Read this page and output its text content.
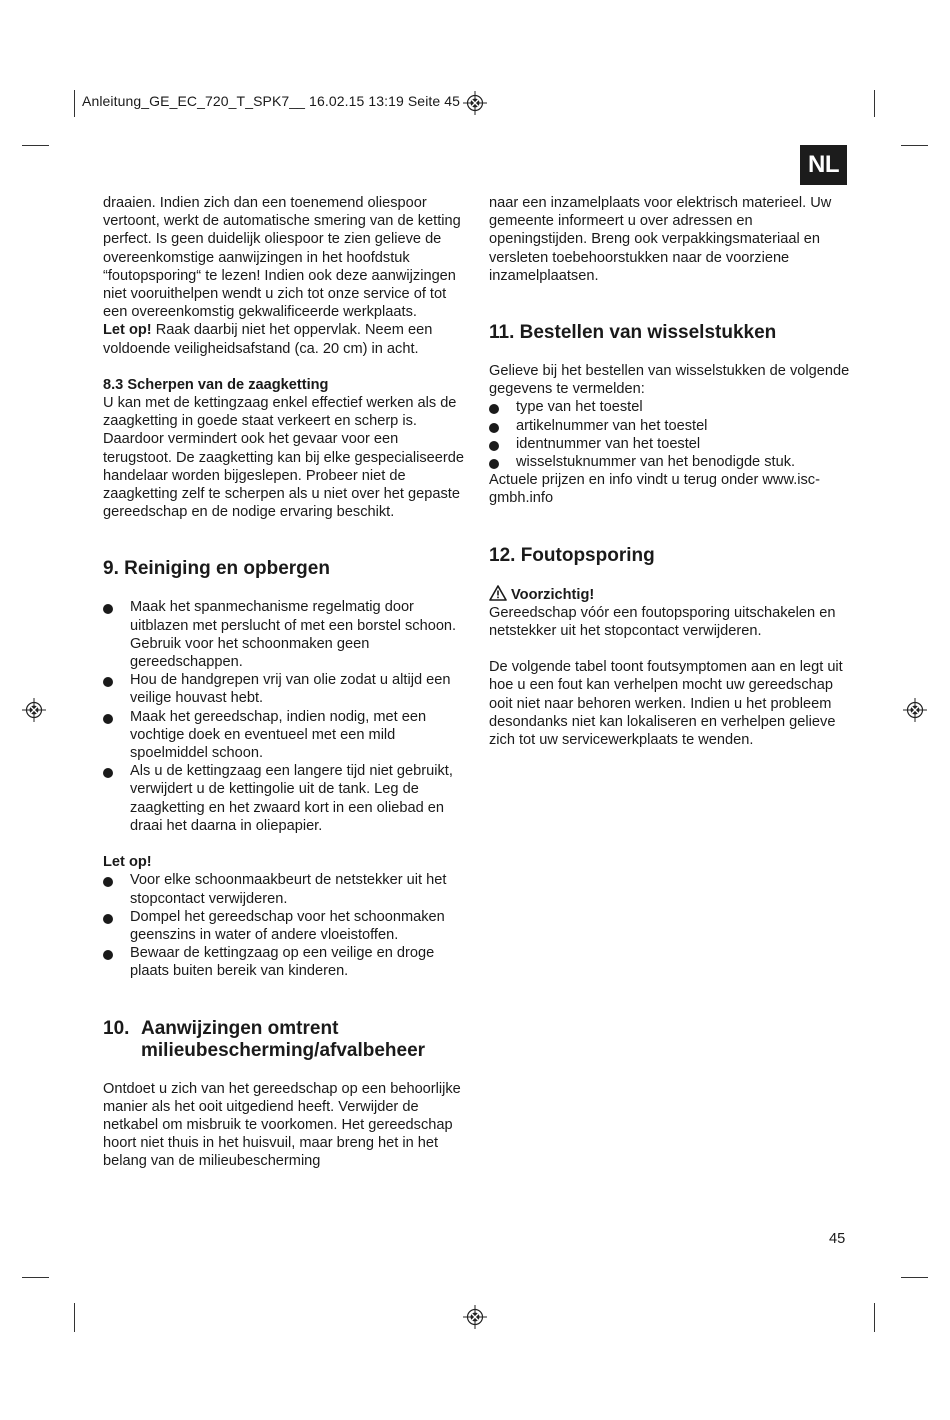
Anleitung_GE_EC_720_T_SPK7__ 16.02.15 13:19 Seite 45
NL

draaien. Indien zich dan een toenemend oliespoor vertoont, werkt de automatische smering van de ketting perfect. Is geen duidelijk oliespoor te zien gelieve de overeenkomstige aanwijzingen in het hoofdstuk “foutopsporing“ te lezen! Indien ook deze aanwijzingen niet vooruithelpen wendt u zich tot onze service of tot een overeenkomstig gekwalificeerde werkplaats.

Let op! Raak daarbij niet het oppervlak. Neem een voldoende veiligheidsafstand (ca. 20 cm) in acht.

8.3 Scherpen van de zaagketting

U kan met de kettingzaag enkel effectief werken als de zaagketting in goede staat verkeert en scherp is. Daardoor vermindert ook het gevaar voor een terugstoot. De zaagketting kan bij elke gespecialiseerde handelaar worden bijgeslepen. Probeer niet de zaagketting zelf te scherpen als u niet over het gepaste gereedschap en de nodige ervaring beschikt.

9. Reiniging en opbergen
Maak het spanmechanisme regelmatig door uitblazen met perslucht of met een borstel schoon. Gebruik voor het schoonmaken geen gereedschappen.
Hou de handgrepen vrij van olie zodat u altijd een veilige houvast hebt.
Maak het gereedschap, indien nodig, met een vochtige doek en eventueel met een mild spoelmiddel schoon.
Als u de kettingzaag een langere tijd niet gebruikt, verwijdert u de kettingolie uit de tank. Leg de zaagketting en het zwaard kort in een oliebad en draai het daarna in oliepapier.

Let op!

Voor elke schoonmaakbeurt de netstekker uit het stopcontact verwijderen.
Dompel het gereedschap voor het schoonmaken geenszins in water of andere vloeistoffen.
Bewaar de kettingzaag op een veilige en droge plaats buiten bereik van kinderen.
10. Aanwijzingen omtrent milieubescherming/afvalbeheer

Ontdoet u zich van het gereedschap op een behoorlijke manier als het ooit uitgediend heeft. Verwijder de netkabel om misbruik te voorkomen. Het gereedschap hoort niet thuis in het huisvuil, maar breng het in het belang van de milieubescherming

naar een inzamelplaats voor elektrisch materieel. Uw gemeente informeert u over adressen en openingstijden. Breng ook verpakkingsmateriaal en versleten toebehoorstukken naar de voorziene inzamelplaatsen.

11. Bestellen van wisselstukken

Gelieve bij het bestellen van wisselstukken de volgende gegevens te vermelden:

type van het toestel
artikelnummer van het toestel
identnummer van het toestel
wisselstuknummer van het benodigde stuk.

Actuele prijzen en info vindt u terug onder www.isc-gmbh.info

12. Foutopsporing

Voorzichtig!

Gereedschap vóór een foutopsporing uitschakelen en netstekker uit het stopcontact verwijderen.

De volgende tabel toont foutsymptomen aan en legt uit hoe u een fout kan verhelpen mocht uw gereedschap ooit niet naar behoren werken. Indien u het probleem desondanks niet kan lokaliseren en verhelpen gelieve zich tot uw servicewerkplaats te wenden.

45
